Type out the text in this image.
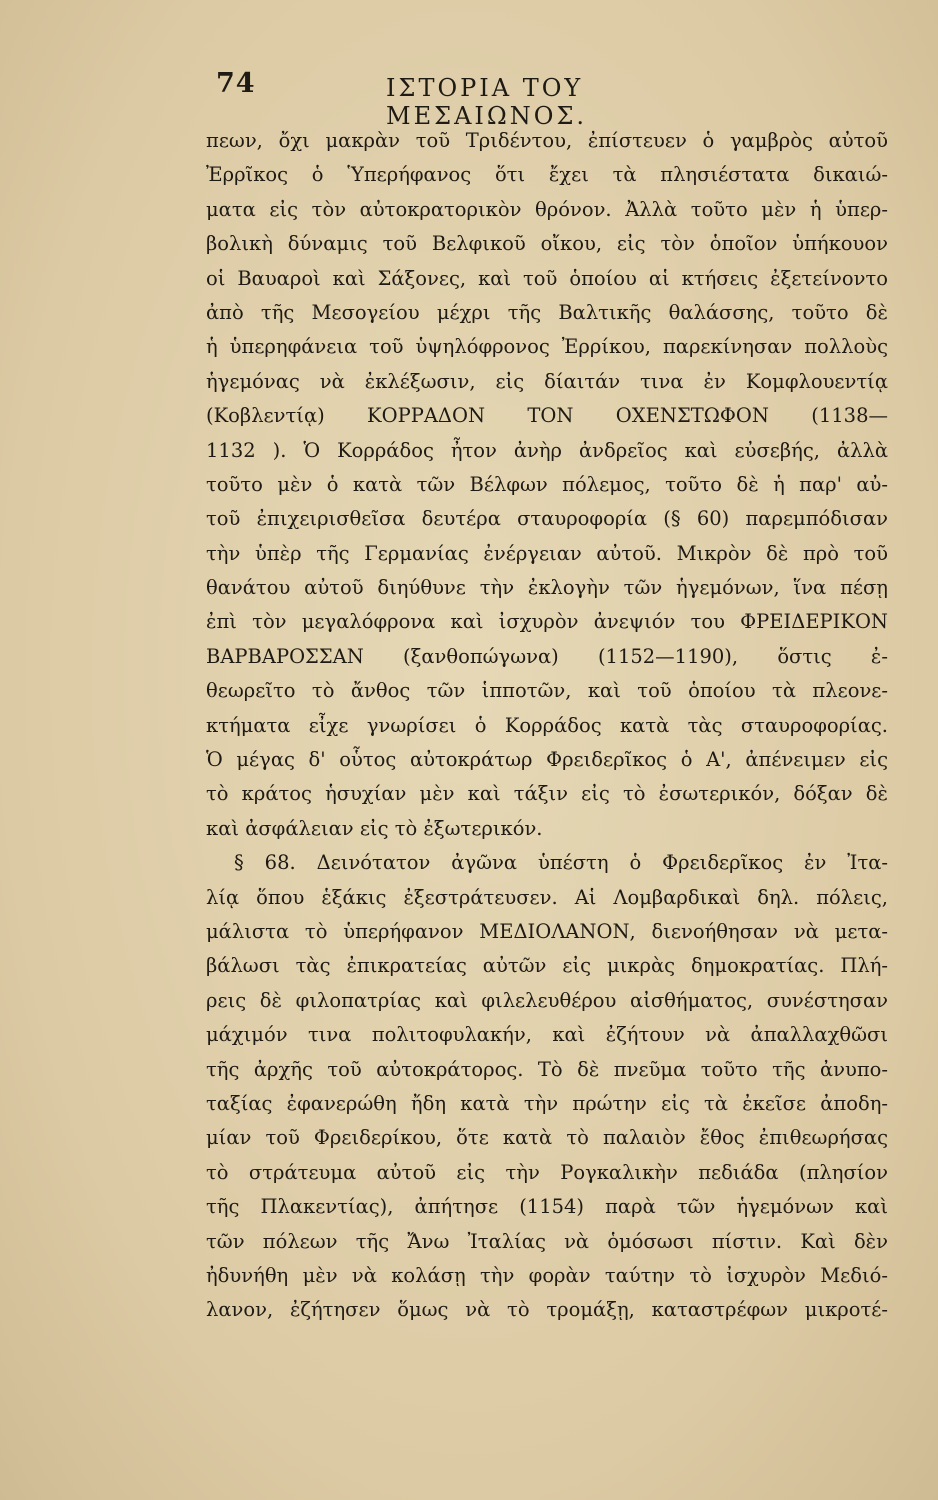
74	ΙΣΤΟΡΙΑ ΤΟΥ ΜΕΣΑΙΩΝΟΣ.
πεων, ὄχι μακρὰν τοῦ Τριδέντου, ἐπίστευεν ὁ γαμβρὸς αὐτοῦ
Ἐρρῖκος ὁ Ὑπερήφανος ὅτι ἔχει τὰ πλησιέστατα δικαιώ-
ματα εἰς τὸν αὐτοκρατορικὸν θρόνον. Ἀλλὰ τοῦτο μὲν ἡ ὑπερ-
βολικὴ δύναμις τοῦ Βελφικοῦ οἴκου, εἰς τὸν ὁποῖον ὑπήκουον
οἱ Βαυαροὶ καὶ Σάξονες, καὶ τοῦ ὁποίου αἱ κτήσεις ἐξετείνοντο
ἀπὸ τῆς Μεσογείου μέχρι τῆς Βαλτικῆς θαλάσσης, τοῦτο δὲ
ἡ ὑπερηφάνεια τοῦ ὑψηλόφρονος Ἐρρίκου, παρεκίνησαν πολλοὺς
ἡγεμόνας νὰ ἐκλέξωσιν, εἰς δίαιτάν τινα ἐν Κομφλουεντίᾳ
(Κοβλεντίᾳ) ΚΟΡΡΑΔΟΝ ΤΟΝ ΟΧΕΝΣΤΩΦΟΝ (1138—
1132 ). Ὁ Κορράδος ἦτον ἀνὴρ ἀνδρεῖος καὶ εὐσεβής, ἀλλὰ
τοῦτο μὲν ὁ κατὰ τῶν Βέλφων πόλεμος, τοῦτο δὲ ἡ παρ' αὐ-
τοῦ ἐπιχειρισθεῖσα δευτέρα σταυροφορία (§ 60) παρεμπόδισαν
τὴν ὑπὲρ τῆς Γερμανίας ἐνέργειαν αὐτοῦ. Μικρὸν δὲ πρὸ τοῦ
θανάτου αὐτοῦ διηύθυνε τὴν ἐκλογὴν τῶν ἡγεμόνων, ἵνα πέσῃ
ἐπὶ τὸν μεγαλόφρονα καὶ ἰσχυρὸν ἀνεψιόν του ΦΡΕΙΔΕΡΙΚΟΝ
ΒΑΡΒΑΡΟΣΣΑΝ (ξανθοπώγωνα) (1152—1190), ὅστις ἐ-
θεωρεῖτο τὸ ἄνθος τῶν ἱπποτῶν, καὶ τοῦ ὁποίου τὰ πλεονε-
κτήματα εἶχε γνωρίσει ὁ Κορράδος κατὰ τὰς σταυροφορίας.
Ὁ μέγας δ' οὗτος αὐτοκράτωρ Φρειδερῖκος ὁ Α', ἀπένειμεν εἰς
τὸ κράτος ἡσυχίαν μὲν καὶ τάξιν εἰς τὸ ἐσωτερικόν, δόξαν δὲ
καὶ ἀσφάλειαν εἰς τὸ ἐξωτερικόν.
§ 68. Δεινότατον ἀγῶνα ὑπέστη ὁ Φρειδερῖκος ἐν Ἰτα-
λίᾳ ὅπου ἑξάκις ἐξεστράτευσεν. Αἱ Λομβαρδικαὶ δηλ. πόλεις,
μάλιστα τὸ ὑπερήφανον ΜΕΔΙΟΛΑΝΟΝ, διενοήθησαν νὰ μετα-
βάλωσι τὰς ἐπικρατείας αὐτῶν εἰς μικρὰς δημοκρατίας. Πλή-
ρεις δὲ φιλοπατρίας καὶ φιλελευθέρου αἰσθήματος, συνέστησαν
μάχιμόν τινα πολιτοφυλακήν, καὶ ἐζήτουν νὰ ἀπαλλαχθῶσι
τῆς ἀρχῆς τοῦ αὐτοκράτορος. Τὸ δὲ πνεῦμα τοῦτο τῆς ἀνυπο-
ταξίας ἐφανερώθη ἤδη κατὰ τὴν πρώτην εἰς τὰ ἐκεῖσε ἀποδη-
μίαν τοῦ Φρειδερίκου, ὅτε κατὰ τὸ παλαιὸν ἔθος ἐπιθεωρήσας
τὸ στράτευμα αὐτοῦ εἰς τὴν Ρογκαλικὴν πεδιάδα (πλησίον
τῆς Πλακεντίας), ἀπήτησε (1154) παρὰ τῶν ἡγεμόνων καὶ
τῶν πόλεων τῆς Ἄνω Ἰταλίας νὰ ὁμόσωσι πίστιν. Καὶ δὲν
ἠδυνήθη μὲν νὰ κολάσῃ τὴν φορὰν ταύτην τὸ ἰσχυρὸν Μεδιό-
λανον, ἐζήτησεν ὅμως νὰ τὸ τρομάξῃ, καταστρέφων μικροτέ-
